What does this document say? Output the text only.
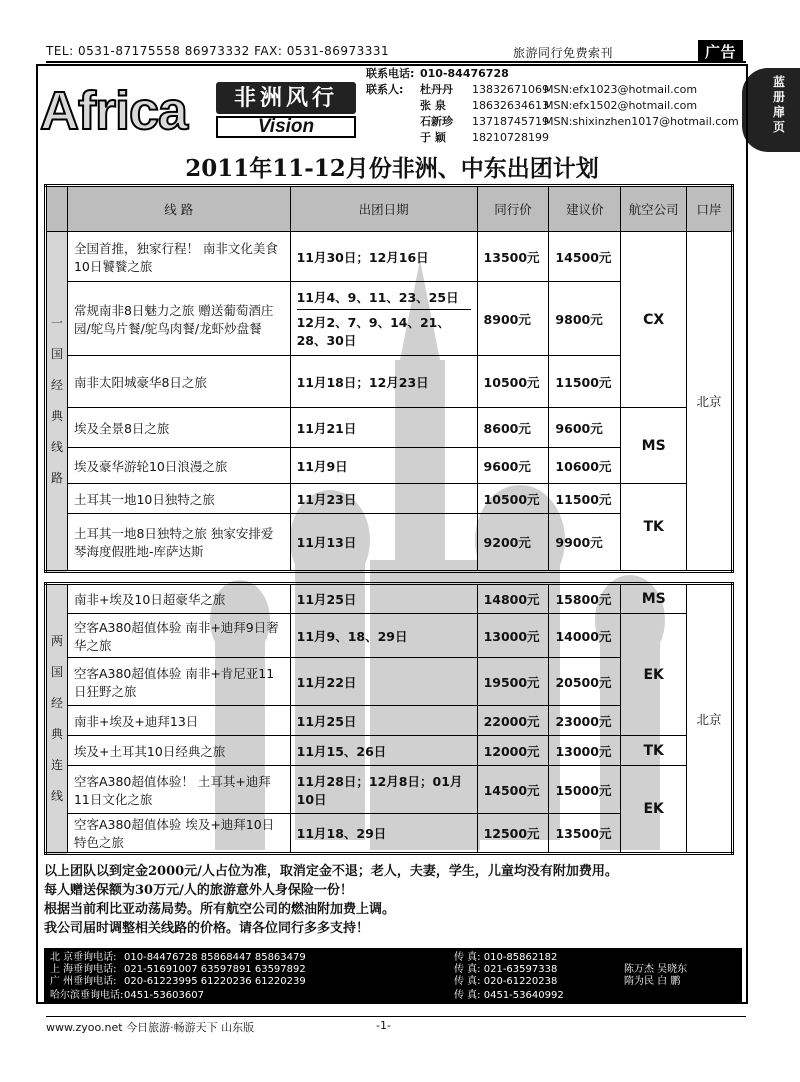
TEL: 0531-87175558 86973332 FAX: 0531-86973331	旅游同行免费索刊	广告
蓝册扉页
Africa	非洲风行
Vision
联系电话: 010-84476728
联系人: 杜丹丹 13832671069
MSN:efx1023@hotmail.com
张 泉 18632634613
MSN:efx1502@hotmail.com
石新珍 13718745719
MSN:shixinzhen1017@hotmail.com
于 颖 18210728199
2011年11-12月份非洲、中东出团计划
	线 路	出团日期	同行价	建议价	航空公司	口岸
一国经典线路	全国首推，独家行程！ 南非文化美食10日饕餮之旅	11月30日；12月16日	13500元	14500元	CX	北京
	常规南非8日魅力之旅 赠送葡萄酒庄园/鸵鸟片餐/鸵鸟肉餐/龙虾炒盘餐	11月4、9、11、23、25日
12月2、7、9、14、21、28、30日	8900元	9800元		
	南非太阳城豪华8日之旅	11月18日；12月23日	10500元	11500元		
	埃及全景8日之旅	11月21日	8600元	9600元	MS	
	埃及豪华游轮10日浪漫之旅	11月9日	9600元	10600元		
	土耳其一地10日独特之旅	11月23日	10500元	11500元	TK	
	土耳其一地8日独特之旅 独家安排爱琴海度假胜地-库萨达斯	11月13日	9200元	9900元		
两国经典连线	南非+埃及10日超豪华之旅	11月25日	14800元	15800元	MS	北京
	空客A380超值体验 南非+迪拜9日奢华之旅	11月9、18、29日	13000元	14000元	EK	
	空客A380超值体验 南非+肯尼亚11日狂野之旅	11月22日	19500元	20500元		
	南非+埃及+迪拜13日	11月25日	22000元	23000元		
	埃及+土耳其10日经典之旅	11月15、26日	12000元	13000元	TK	
	空客A380超值体验！ 土耳其+迪拜11日文化之旅	11月28日；12月8日；01月10日	14500元	15000元	EK	
	空客A380超值体验 埃及+迪拜10日特色之旅	11月18、29日	12500元	13500元		
以上团队以到定金2000元/人占位为准，取消定金不退；老人，夫妻，学生，儿童均没有附加费用。
每人赠送保额为30万元/人的旅游意外人身保险一份！
根据当前利比亚动荡局势。所有航空公司的燃油附加费上调。
我公司届时调整相关线路的价格。请各位同行多多支持！
北 京垂询电话: 010-84476728 85868447 85863479	传 真: 010-85862182
上 海垂询电话: 021-51691007 63597891 63597892	传 真: 021-63597338	陈万杰 吴晓东
广 州垂询电话: 020-61223995 61220236 61220239	传 真: 020-61220238	隋为民 白 鹏
哈尔滨垂询电话: 0451-53603607	传 真: 0451-53640992
www.zyoo.net 今日旅游·畅游天下 山东版	-1-
